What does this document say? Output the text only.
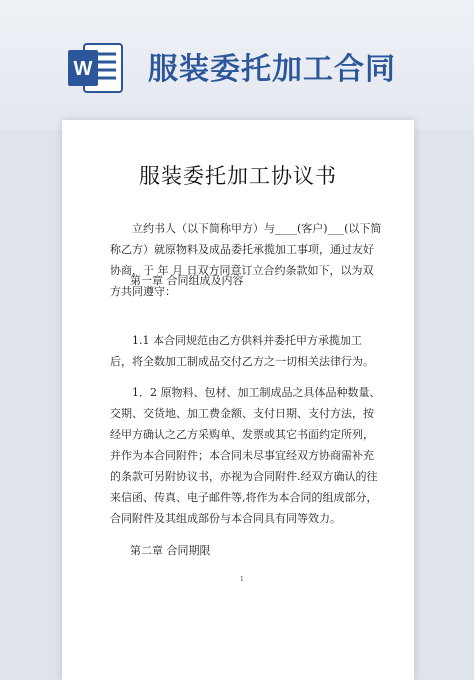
W 服装委托加工合同
服装委托加工协议书
立约书人（以下简称甲方）与____(客户)___(以下简称乙方）就原物料及成品委托承揽加工事项，通过友好协商，于 年 月 日双方同意订立合约条款如下，以为双方共同遵守：
第一章 合同组成及内容
1.1 本合同规范由乙方供料并委托甲方承揽加工后，将全数加工制成品交付乙方之一切相关法律行为。
1．2 原物料、包材、加工制成品之具体品种数量、交期、交货地、加工费金额、支付日期、支付方法，按经甲方确认之乙方采购单、发票或其它书面约定所列，并作为本合同附件；本合同未尽事宜经双方协商需补充的条款可另附协议书，亦视为合同附件.经双方确认的往来信函、传真、电子邮件等,将作为本合同的组成部分，合同附件及其组成部份与本合同具有同等效力。
第二章 合同期限
1
